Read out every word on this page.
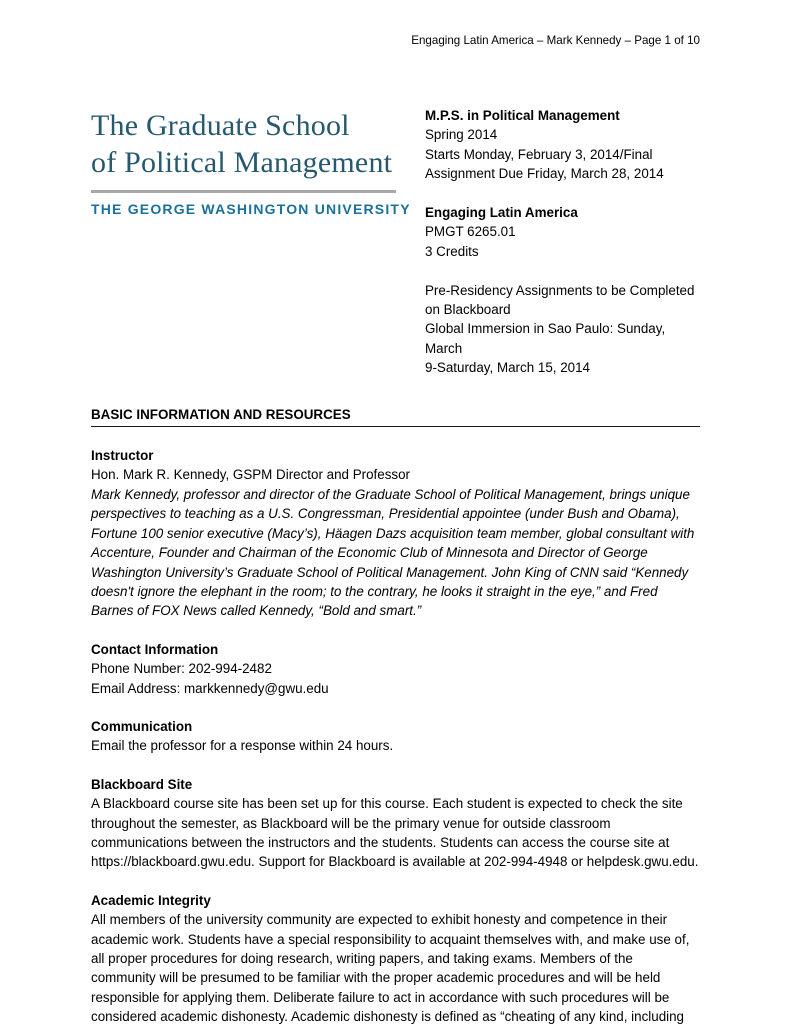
Engaging Latin America – Mark Kennedy – Page 1 of 10
The Graduate School
of Political Management
THE GEORGE WASHINGTON UNIVERSITY
M.P.S. in Political Management
Spring 2014
Starts Monday, February 3, 2014/Final
Assignment Due Friday, March 28, 2014
Engaging Latin America
PMGT 6265.01
3 Credits
Pre-Residency Assignments to be Completed
on Blackboard
Global Immersion in Sao Paulo: Sunday, March
9-Saturday, March 15, 2014
BASIC INFORMATION AND RESOURCES
Instructor
Hon. Mark R. Kennedy, GSPM Director and Professor
Mark Kennedy, professor and director of the Graduate School of Political Management, brings unique perspectives to teaching as a U.S. Congressman, Presidential appointee (under Bush and Obama), Fortune 100 senior executive (Macy’s), Häagen Dazs acquisition team member, global consultant with Accenture, Founder and Chairman of the Economic Club of Minnesota and Director of George Washington University’s Graduate School of Political Management. John King of CNN said “Kennedy doesn't ignore the elephant in the room; to the contrary, he looks it straight in the eye,” and Fred Barnes of FOX News called Kennedy, “Bold and smart.”
Contact Information
Phone Number: 202-994-2482
Email Address: markkennedy@gwu.edu
Communication
Email the professor for a response within 24 hours.
Blackboard Site
A Blackboard course site has been set up for this course. Each student is expected to check the site throughout the semester, as Blackboard will be the primary venue for outside classroom communications between the instructors and the students. Students can access the course site at https://blackboard.gwu.edu. Support for Blackboard is available at 202-994-4948 or helpdesk.gwu.edu.
Academic Integrity
All members of the university community are expected to exhibit honesty and competence in their academic work. Students have a special responsibility to acquaint themselves with, and make use of, all proper procedures for doing research, writing papers, and taking exams. Members of the community will be presumed to be familiar with the proper academic procedures and will be held responsible for applying them. Deliberate failure to act in accordance with such procedures will be considered academic dishonesty. Academic dishonesty is defined as “cheating of any kind, including
